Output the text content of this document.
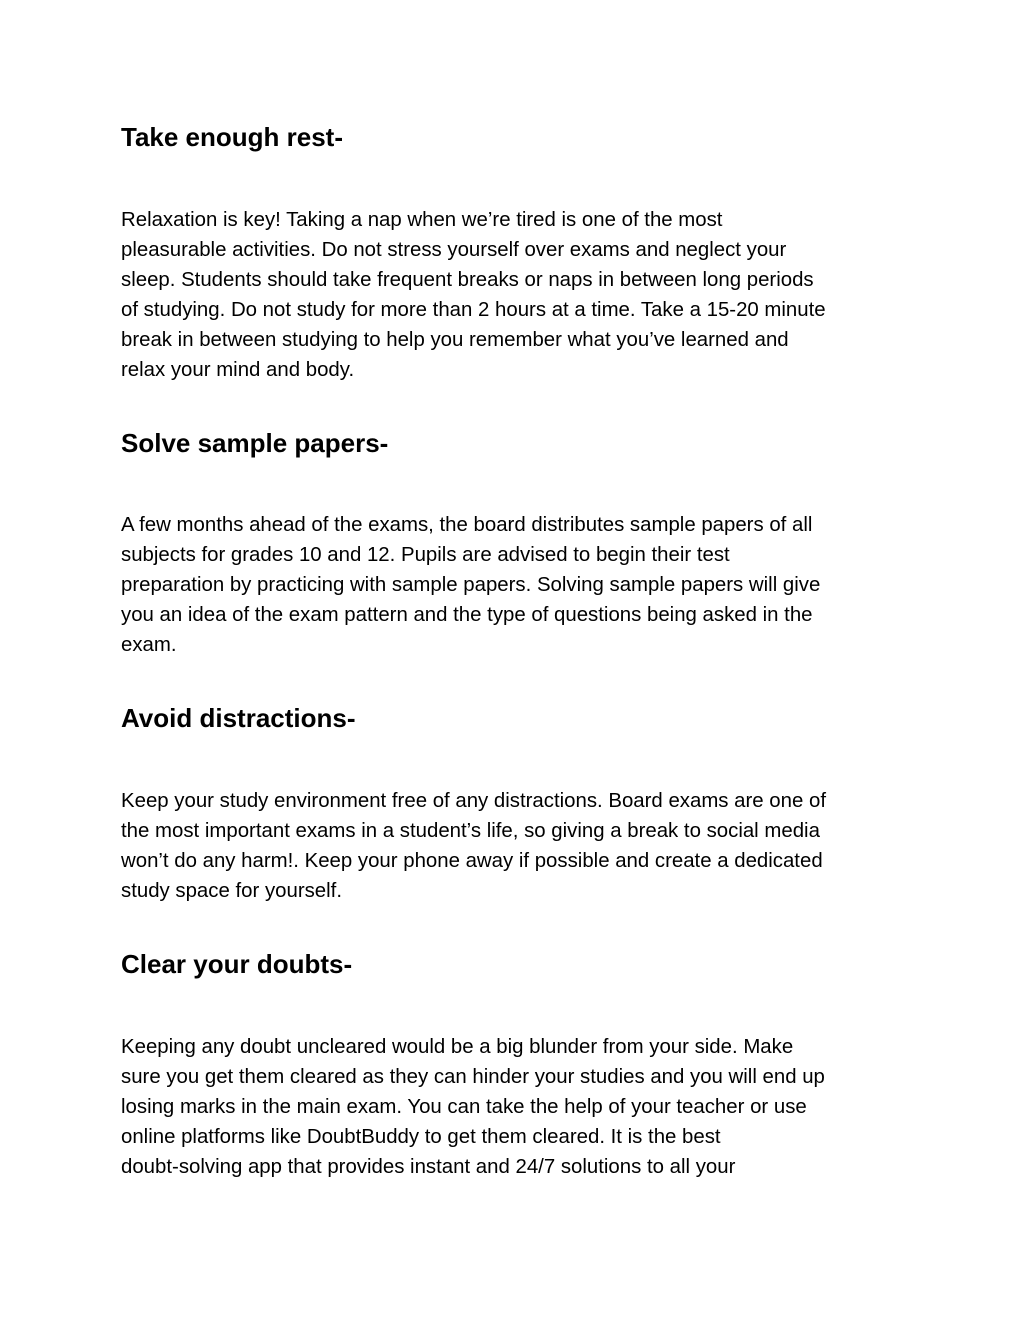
Take enough rest-

Relaxation is key! Taking a nap when we’re tired is one of the most
pleasurable activities. Do not stress yourself over exams and neglect your
sleep. Students should take frequent breaks or naps in between long periods
of studying. Do not study for more than 2 hours at a time. Take a 15-20 minute
break in between studying to help you remember what you’ve learned and
relax your mind and body.

Solve sample papers-

A few months ahead of the exams, the board distributes sample papers of all
subjects for grades 10 and 12. Pupils are advised to begin their test
preparation by practicing with sample papers. Solving sample papers will give
you an idea of the exam pattern and the type of questions being asked in the
exam.

Avoid distractions-

Keep your study environment free of any distractions. Board exams are one of
the most important exams in a student’s life, so giving a break to social media
won’t do any harm!. Keep your phone away if possible and create a dedicated
study space for yourself.

Clear your doubts-

Keeping any doubt uncleared would be a big blunder from your side. Make
sure you get them cleared as they can hinder your studies and you will end up
losing marks in the main exam. You can take the help of your teacher or use
online platforms like DoubtBuddy to get them cleared. It is the best
doubt-solving app that provides instant and 24/7 solutions to all your
